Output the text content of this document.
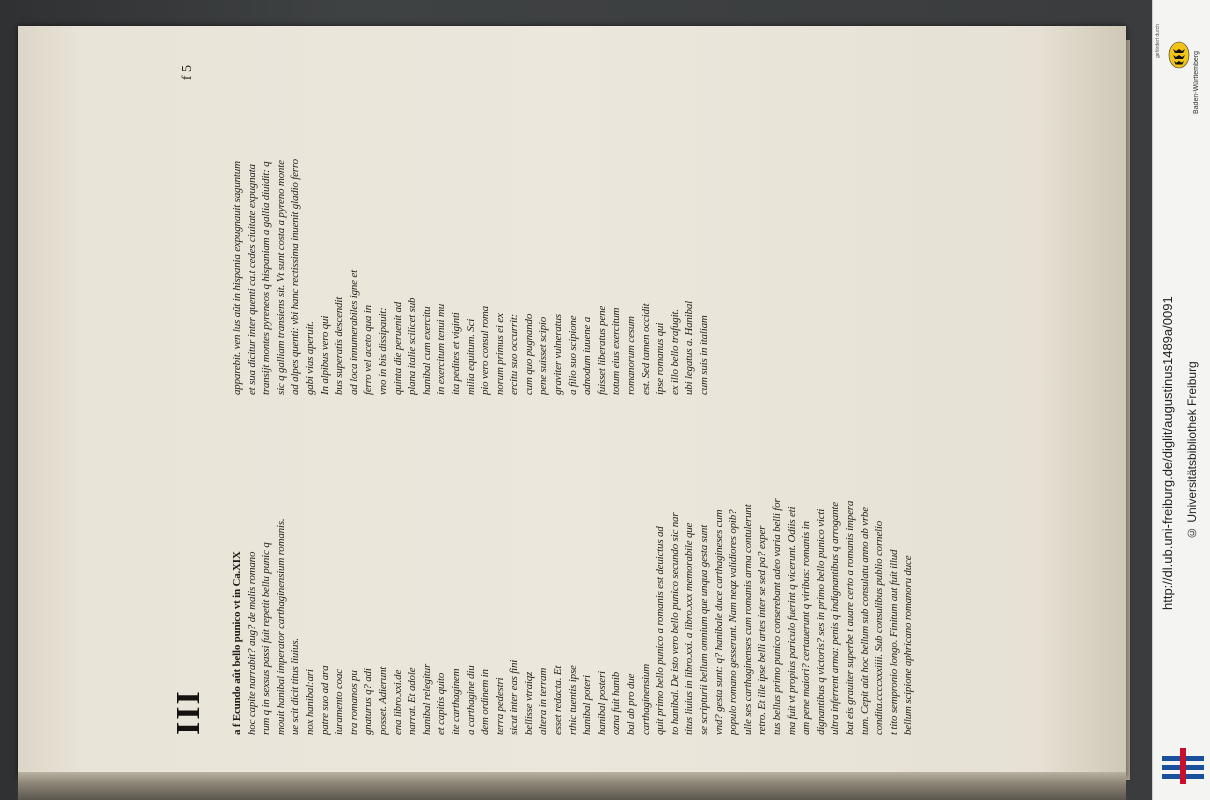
III
f 5
a f Ecundo aût bello punico vt in Ca.XIX hoc capite narrabit? aug? de malis romano rum q in sexsus passi fuit repetit bellu punic q mouit hanibal imperator carthaginensium romanis. ue scit dicit titus liuius. nox hanibal:ari patre suo ad ara iuramento coac tra romanos pu gnaturus q? adi posset. Adierunt ena libro.xxi.de narrat. Et adole hanibal relegitur et capitis quito ite carthaginem a carthagine diu dem ordinem in terra pedestri sicut inter eas fini bellisse vtraiqz altera in terram esset redacta. Et rthic tuentis ipse hanibal poteri hanibal posteri ozna fuit hanib bal ab pro due carthaginensium quit primo bello punico a romanis est deuictus ad to hanibal. De isto vero bello punico secundo sic nar titus liuius in libro.xxi. a libro.xxx memorabile que se scripturii bellum omnium que unqua gesta sunt vnd? gesta sunt: q? hanibale duce carthagineses cum populo romano gesserunt. Nam neqz validiores opib? ulle ses carthaginenses cum romanis arma contulerunt retro. Et ille ipse belli artes inter se sed pa? exper tus bellus primo punico conserebant adeo varia belli for ma fuit vt propius pariculo fuerint q vicerunt. Odiis eti am pene maiori? certauerunt q viribus: romanis in dignantibus q victoris? ses in primo bello punico victi ultra inferrent arma: penis q indignantibus q arrogante bat eis grauiter superbe t auare certo a romanis impera tum. Cepit aût hoc bellum sub consulatu anno ab vrbe condita.ccccxxxiiii. Sub consulibus publio cornelio t tito sempronio longo. Finitum aut fuit illud bellum scipione aphricano romanoru duce
apparebit. ven lus aût in hispania expugnauit saguntum et sua dicitur inter quenti ca.t cedes ciuitate expugnata transijt montes pyreneos q hispaniam a gallia diuidit: q sic q galliam transiens sit. Vt sunt costa a pyreno monte ad alpes quenti: vbi hanc rectissima inuenit gladio ferro gabi vias aperuit. In alpibus vero qui bus superatis descendit ad loca innumerabiles igne et ferro vel aceto qua in vno in bis dissipauit: quinta die peruenit ad plana italie scilicet sub hanibal cum exercitu in exercitum tenui mu ita pedites et viginti milia equitum. Sci pio vero consul roma norum primus ei ex ercitu suo occurrit: cum quo pugnando pene suisset scipio graviter vulneratus a filio suo scipione adnodum iuuene a fuisset liberatus pene totum eius exercitum romanorum cesum est. Sed tamen occidit ipse romanus qui ex illo bello trafugit. ubi legatus a. Hanibal cum suis in italiam
gefördert durch
Baden-Württemberg
http://dl.ub.uni-freiburg.de/diglit/augustinus1489a/0091 © Universitätsbibliothek Freiburg
